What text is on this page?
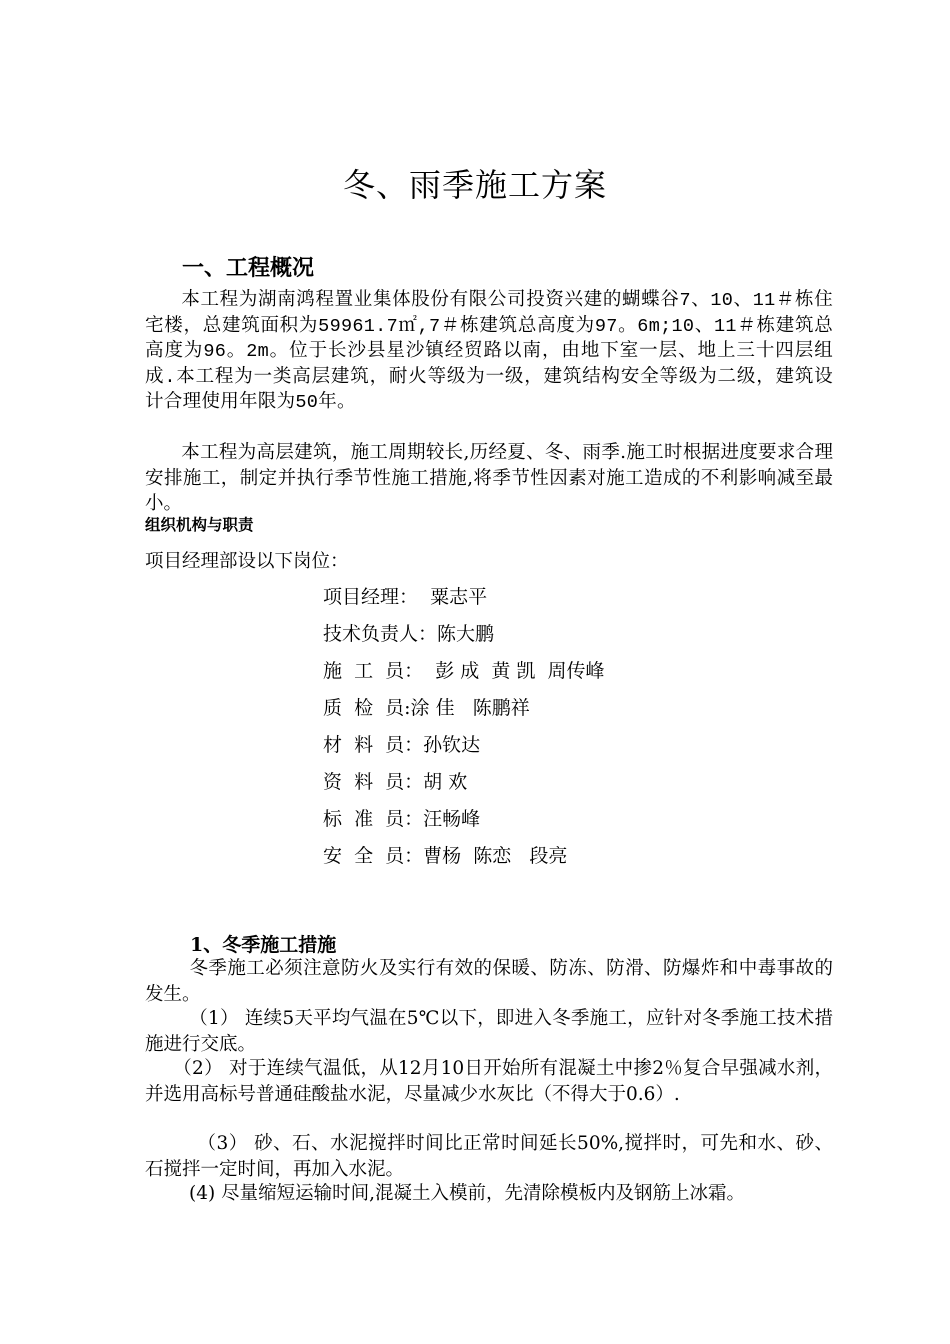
冬、雨季施工方案
一、工程概况

本工程为湖南鸿程置业集体股份有限公司投资兴建的蝴蝶谷7、10、11＃栋住宅楼，总建筑面积为59961.7㎡,7＃栋建筑总高度为97。6m;10、11＃栋建筑总高度为96。2m。位于长沙县星沙镇经贸路以南，由地下室一层、地上三十四层组成.本工程为一类高层建筑，耐火等级为一级，建筑结构安全等级为二级，建筑设计合理使用年限为50年。

本工程为高层建筑，施工周期较长,历经夏、冬、雨季.施工时根据进度要求合理安排施工，制定并执行季节性施工措施,将季节性因素对施工造成的不利影响减至最小。

组织机构与职责
项目经理部设以下岗位：
项目经理：  粟志平
技术负责人：陈大鹏
施  工  员：  彭 成  黄 凯  周传峰
质  检  员:涂 佳   陈鹏祥
材  料  员：孙钦达
资  料  员：胡 欢
标  准  员：汪畅峰
安  全  员：曹杨  陈恋   段亮
1、冬季施工措施

冬季施工必须注意防火及实行有效的保暖、防冻、防滑、防爆炸和中毒事故的发生。

（1） 连续5天平均气温在5℃以下，即进入冬季施工，应针对冬季施工技术措施进行交底。

（2） 对于连续气温低，从12月10日开始所有混凝土中掺2％复合早强减水剂，并选用高标号普通硅酸盐水泥，尽量减少水灰比（不得大于0.6）.

（3） 砂、石、水泥搅拌时间比正常时间延长50%,搅拌时，可先和水、砂、石搅拌一定时间，再加入水泥。

(4) 尽量缩短运输时间,混凝土入模前，先清除模板内及钢筋上冰霜。
